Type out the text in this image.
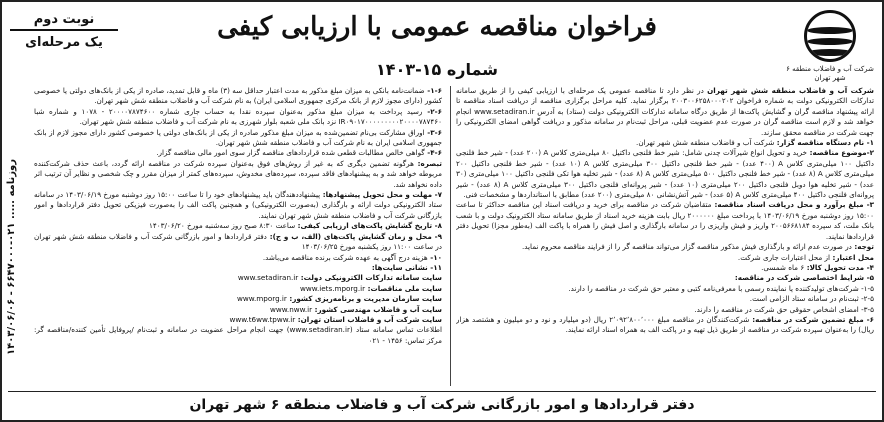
شرکت آب و فاضلاب منطقه ۶ شهر تهران
نوبت دوم
یک مرحله‌ای
فراخوان مناقصه عمومی با ارزیابی کیفی
شماره ۱۵-۱۴۰۳

شرکت آب و فاضلاب منطقه شش شهر تهران در نظر دارد تا مناقصه عمومی یک مرحله‌ای با ارزیابی کیفی را از طریق سامانه تدارکات الکترونیکی دولت به شماره فراخوان ۲۰۰۳۰۰۶۲۵۸۰۰۰۲۰۲ برگزار نماید. کلیه مراحل برگزاری مناقصه از دریافت اسناد مناقصه تا ارائه پیشنهاد مناقصه گران و گشایش پاکت‌ها از طریق درگاه سامانه تدارکات الکترونیکی دولت (ستاد) به آدرس www.setadiran.ir انجام خواهد شد و لازم است مناقصه گران در صورت عدم عضویت قبلی، مراحل ثبت‌نام در سامانه مذکور و دریافت گواهی امضای الکترونیکی را جهت شرکت در مناقصه محقق سازند.

۱- نام دستگاه مناقصه گزار: شرکت آب و فاضلاب منطقه شش شهر تهران.

۲-موضوع مناقصه: خرید و تحویل انواع شیرآلات چدنی شامل: شیر خط فلنجی داکتیل ۸۰ میلی‌متری کلاس A (۲۰۰ عدد) - شیر خط فلنجی داکتیل ۱۰۰ میلی‌متری کلاس A (۴۰۰ عدد) - شیر خط فلنجی داکتیل ۳۰۰ میلی‌متری کلاس A (۱۰ عدد) - شیر خط فلنجی داکتیل ۲۰۰ میلی‌متری کلاس A (۸ عدد) - شیر خط فلنجی داکتیل ۵۰۰ میلی‌متری کلاس A (۸ عدد) - شیر تخلیه هوا تکی فلنجی داکتیل ۱۰۰ میلی‌متری (۳۰ عدد) - شیر تخلیه هوا دوبل فلنجی داکتیل ۲۰۰ میلی‌متری (۱۰ عدد) - شیر پروانه‌ای فلنجی داکتیل ۳۰۰ میلی‌متری کلاس A (۸ عدد) - شیر پروانه‌ای فلنجی داکتیل ۴۰۰ میلی‌متری کلاس A (۵ عدد) - شیر آتش‌نشانی ۸۰ میلی‌متری (۲۰۰ عدد) مطابق با استانداردها و مشخصات فنی.

۳- مبلغ برآورد و محل دریافت اسناد مناقصه: متقاضیان شرکت در مناقصه برای خرید و دریافت اسناد این مناقصه حداکثر تا ساعت ۱۵:۰۰ روز دوشنبه مورخ ۱۴۰۳/۰۶/۱۹ با پرداخت مبلغ ۲۰۰۰۰۰۰ ریال بابت هزینه خرید اسناد از طریق سامانه ستاد الکترونیک دولت و با شعب بانک ملت، کد سپرده ۲۰۰۵۶۶۸۱۸۴ واریز و فیش واریزی را در سامانه بارگذاری و اصل فیش را همراه با پاکت الف (به‌طور مجزا) تحویل دفتر قراردادها نمایند.

توجه: در صورت عدم ارائه و بارگذاری فیش مذکور مناقصه گزار می‌تواند مناقصه گر را از فرایند مناقصه محروم نماید.

محل اعتبار: از محل اعتبارات جاری شرکت.

۴- مدت تحویل کالا: ۶ ماه شمسی.

۵- شرایط اختصاصی شرکت در مناقصه:

۱-۵- شرکت‌های تولیدکننده یا نماینده رسمی با معرفی‌نامه کتبی و معتبر حق شرکت در مناقصه را دارند.

۲-۵- ثبت‌نام در سامانه ستاد الزامی است.

۳-۵- امضای اشخاص حقوقی حق شرکت در مناقصه را دارند.

۶- مبلغ تضمین شرکت در مناقصه: شرکت‌کنندگان در مناقصه مبلغ ۲٬۰۹۲٬۸۰۰٬۰۰۰ ریال (دو میلیارد و نود و دو میلیون و هشتصد هزار ریال) را به‌عنوان سپرده شرکت در مناقصه از طریق ذیل تهیه و در پاکت الف به همراه اسناد ارائه نمایند.

۱-۶- ضمانت‌نامه بانکی به میزان مبلغ مذکور به مدت اعتبار حداقل سه (۳) ماه و قابل تمدید، صادره از یکی از بانک‌های دولتی یا خصوصی کشور (دارای مجوز لازم از بانک مرکزی جمهوری اسلامی ایران) به نام شرکت آب و فاضلاب منطقه شش شهر تهران.

۲-۶- رسید پرداخت به میزان مبلغ مذکور به‌عنوان سپرده نقدا به حساب جاری شماره ۲۰۰۰۰۷۸۷۴۶۰۰ - ۱۰۷۸ و شماره شبا IR۰۹۰۱۷۰۰۰۰۰۰۰۰۰۲۰۰۰۰۷۸۷۴۶۰ نزد بانک ملی شعبه بلوار شهرزی به نام شرکت آب و فاضلاب منطقه شش شهر تهران.

۳-۶- اوراق مشارکت بی‌نام تضمین‌شده به میزان مبلغ مذکور صادره از یکی از بانک‌های دولتی یا خصوصی کشور دارای مجوز لازم از بانک جمهوری اسلامی ایران به نام شرکت آب و فاضلاب منطقه شش شهر تهران.

۴-۶- گواهی خالص مطالبات قطعی شده قراردادهای مناقصه گزار سوی امور مالی مناقصه گزار.

تبصره: هرگونه تضمین دیگری که به غیر از روش‌های فوق به‌عنوان سپرده شرکت در مناقصه ارائه گردد، باعث حذف شرکت‌کننده مربوطه خواهد شد و به پیشنهادهای فاقد سپرده، سپرده‌های مخدوش، سپرده‌های کمتر از میزان مقرر و چک شخصی و نظایر آن ترتیب اثر داده نخواهد شد.

۷- مهلت و محل تحویل پیشنهادها: پیشنهاددهندگان باید پیشنهادهای خود را تا ساعت ۱۵:۰۰ روز دوشنبه مورخ ۱۴۰۳/۰۶/۱۹ در سامانه ستاد الکترونیکی دولت ارائه و بارگذاری (به‌صورت الکترونیکی) و همچنین پاکت الف را به‌صورت فیزیکی تحویل دفتر قراردادها و امور بازرگانی شرکت آب و فاضلاب منطقه شش شهر تهران نمایند.

۸- تاریخ گشایش پاکت‌های ارزیابی کیفی: ساعت ۸:۳۰ صبح روز سه‌شنبه مورخ ۱۴۰۳/۰۶/۲۰

۹- محل و زمان گشایش پاکت‌های (الف، ب و ج): دفتر قراردادها و امور بازرگانی شرکت آب و فاضلاب منطقه شش شهر تهران در ساعت ۱۱:۰۰ روز یکشنبه مورخ ۱۴۰۳/۰۶/۲۵

۱۰- هزینه درج آگهی به عهده شرکت برنده مناقصه می‌باشد.

۱۱- نشانی سایت‌ها:

سایت سامانه تدارکات الکترونیکی دولت: www.setadiran.ir

سایت ملی مناقصات: www.iets.mporg.ir

سایت سازمان مدیریت و برنامه‌ریزی کشور: www.mporg.ir

سایت آب و فاضلاب مهندسی کشور: www.nww.ir

سایت شرکت آب و فاضلاب استان تهران: www.t6ww.tpww.ir

اطلاعات تماس سامانه ستاد (www.setadiran.ir) جهت انجام مراحل عضویت در سامانه و ثبت‌نام /پروفایل تأمین کننده/مناقصه گر: مرکز تماس: ۱۴۵۶ - ۰۲۱

روزنامه ..... ۰۲۱-۶۶۴۷۰۰۰ - ۱۴۰۳/۰۶/۰۶
دفتر قراردادها و امور بازرگانی شرکت آب و فاضلاب منطقه ۶ شهر تهران
